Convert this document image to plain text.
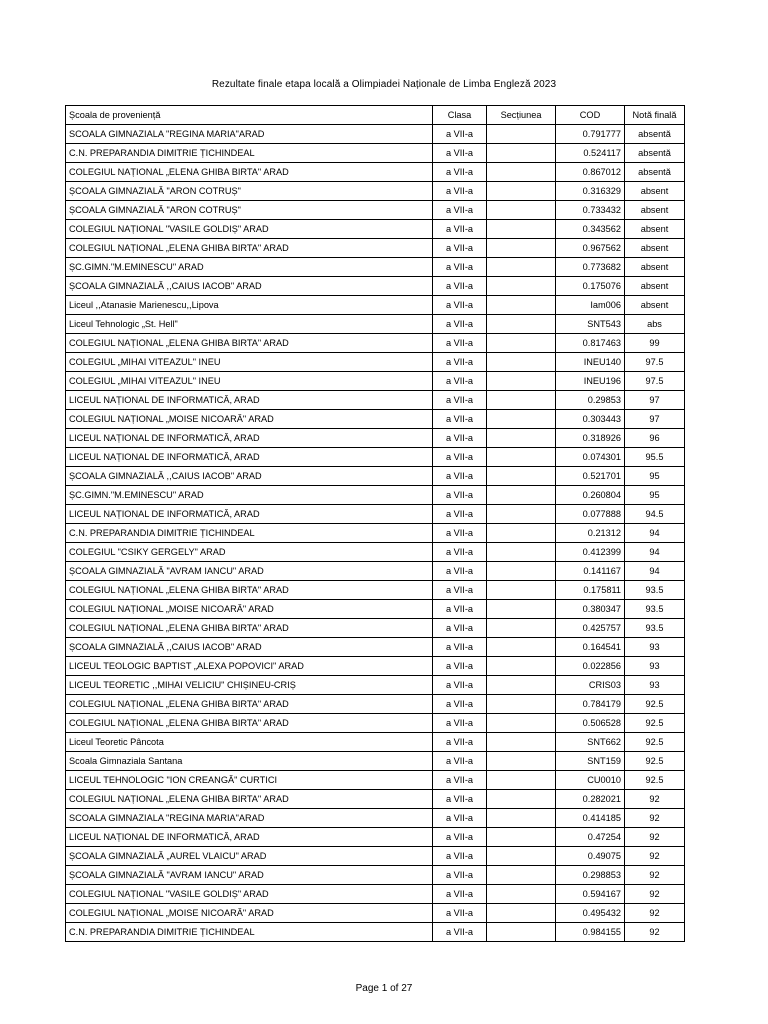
Rezultate finale etapa locală a Olimpiadei Naționale de Limba Engleză 2023
Școala de proveniență	Clasa	Secțiunea	COD	Notă finală
SCOALA GIMNAZIALA "REGINA MARIA"ARAD	a VII-a		0.791777	absentă
C.N. PREPARANDIA DIMITRIE ȚICHINDEAL	a VII-a		0.524117	absentă
COLEGIUL NAȚIONAL „ELENA GHIBA BIRTA" ARAD	a VII-a		0.867012	absentă
ȘCOALA GIMNAZIALĂ "ARON COTRUȘ"	a VII-a		0.316329	absent
ȘCOALA GIMNAZIALĂ "ARON COTRUȘ"	a VII-a		0.733432	absent
COLEGIUL NAȚIONAL "VASILE GOLDIȘ" ARAD	a VII-a		0.343562	absent
COLEGIUL NAȚIONAL „ELENA GHIBA BIRTA" ARAD	a VII-a		0.967562	absent
ȘC.GIMN."M.EMINESCU" ARAD	a VII-a		0.773682	absent
ȘCOALA GIMNAZIALĂ ,,CAIUS IACOB" ARAD	a VII-a		0.175076	absent
Liceul ,,Atanasie Marienescu,,Lipova	a VII-a		Iam006	absent
Liceul Tehnologic „St. Hell"	a VII-a		SNT543	abs
COLEGIUL NAȚIONAL „ELENA GHIBA BIRTA" ARAD	a VII-a		0.817463	99
COLEGIUL „MIHAI VITEAZUL" INEU	a VII-a		INEU140	97.5
COLEGIUL „MIHAI VITEAZUL" INEU	a VII-a		INEU196	97.5
LICEUL NAȚIONAL DE INFORMATICĂ, ARAD	a VII-a		0.29853	97
COLEGIUL NAȚIONAL „MOISE NICOARĂ" ARAD	a VII-a		0.303443	97
LICEUL NAȚIONAL DE INFORMATICĂ, ARAD	a VII-a		0.318926	96
LICEUL NAȚIONAL DE INFORMATICĂ, ARAD	a VII-a		0.074301	95.5
ȘCOALA GIMNAZIALĂ ,,CAIUS IACOB" ARAD	a VII-a		0.521701	95
ȘC.GIMN."M.EMINESCU" ARAD	a VII-a		0.260804	95
LICEUL NAȚIONAL DE INFORMATICĂ, ARAD	a VII-a		0.077888	94.5
C.N. PREPARANDIA DIMITRIE ȚICHINDEAL	a VII-a		0.21312	94
COLEGIUL "CSIKY GERGELY" ARAD	a VII-a		0.412399	94
ȘCOALA GIMNAZIALĂ "AVRAM IANCU" ARAD	a VII-a		0.141167	94
COLEGIUL NAȚIONAL „ELENA GHIBA BIRTA" ARAD	a VII-a		0.175811	93.5
COLEGIUL NAȚIONAL „MOISE NICOARĂ" ARAD	a VII-a		0.380347	93.5
COLEGIUL NAȚIONAL „ELENA GHIBA BIRTA" ARAD	a VII-a		0.425757	93.5
ȘCOALA GIMNAZIALĂ ,,CAIUS IACOB" ARAD	a VII-a		0.164541	93
LICEUL TEOLOGIC BAPTIST „ALEXA POPOVICI" ARAD	a VII-a		0.022856	93
LICEUL TEORETIC ,,MIHAI VELICIU" CHIȘINEU-CRIȘ	a VII-a		CRIS03	93
COLEGIUL NAȚIONAL „ELENA GHIBA BIRTA" ARAD	a VII-a		0.784179	92.5
COLEGIUL NAȚIONAL „ELENA GHIBA BIRTA" ARAD	a VII-a		0.506528	92.5
Liceul Teoretic Pâncota	a VII-a		SNT662	92.5
Scoala Gimnaziala Santana	a VII-a		SNT159	92.5
LICEUL TEHNOLOGIC "ION CREANGĂ" CURTICI	a VII-a		CU0010	92.5
COLEGIUL NAȚIONAL „ELENA GHIBA BIRTA" ARAD	a VII-a		0.282021	92
SCOALA GIMNAZIALA "REGINA MARIA"ARAD	a VII-a		0.414185	92
LICEUL NAȚIONAL DE INFORMATICĂ, ARAD	a VII-a		0.47254	92
ȘCOALA GIMNAZIALĂ „AUREL VLAICU" ARAD	a VII-a		0.49075	92
ȘCOALA GIMNAZIALĂ "AVRAM IANCU" ARAD	a VII-a		0.298853	92
COLEGIUL NAȚIONAL "VASILE GOLDIȘ" ARAD	a VII-a		0.594167	92
COLEGIUL NAȚIONAL „MOISE NICOARĂ" ARAD	a VII-a		0.495432	92
C.N. PREPARANDIA DIMITRIE ȚICHINDEAL	a VII-a		0.984155	92
Page 1 of 27
